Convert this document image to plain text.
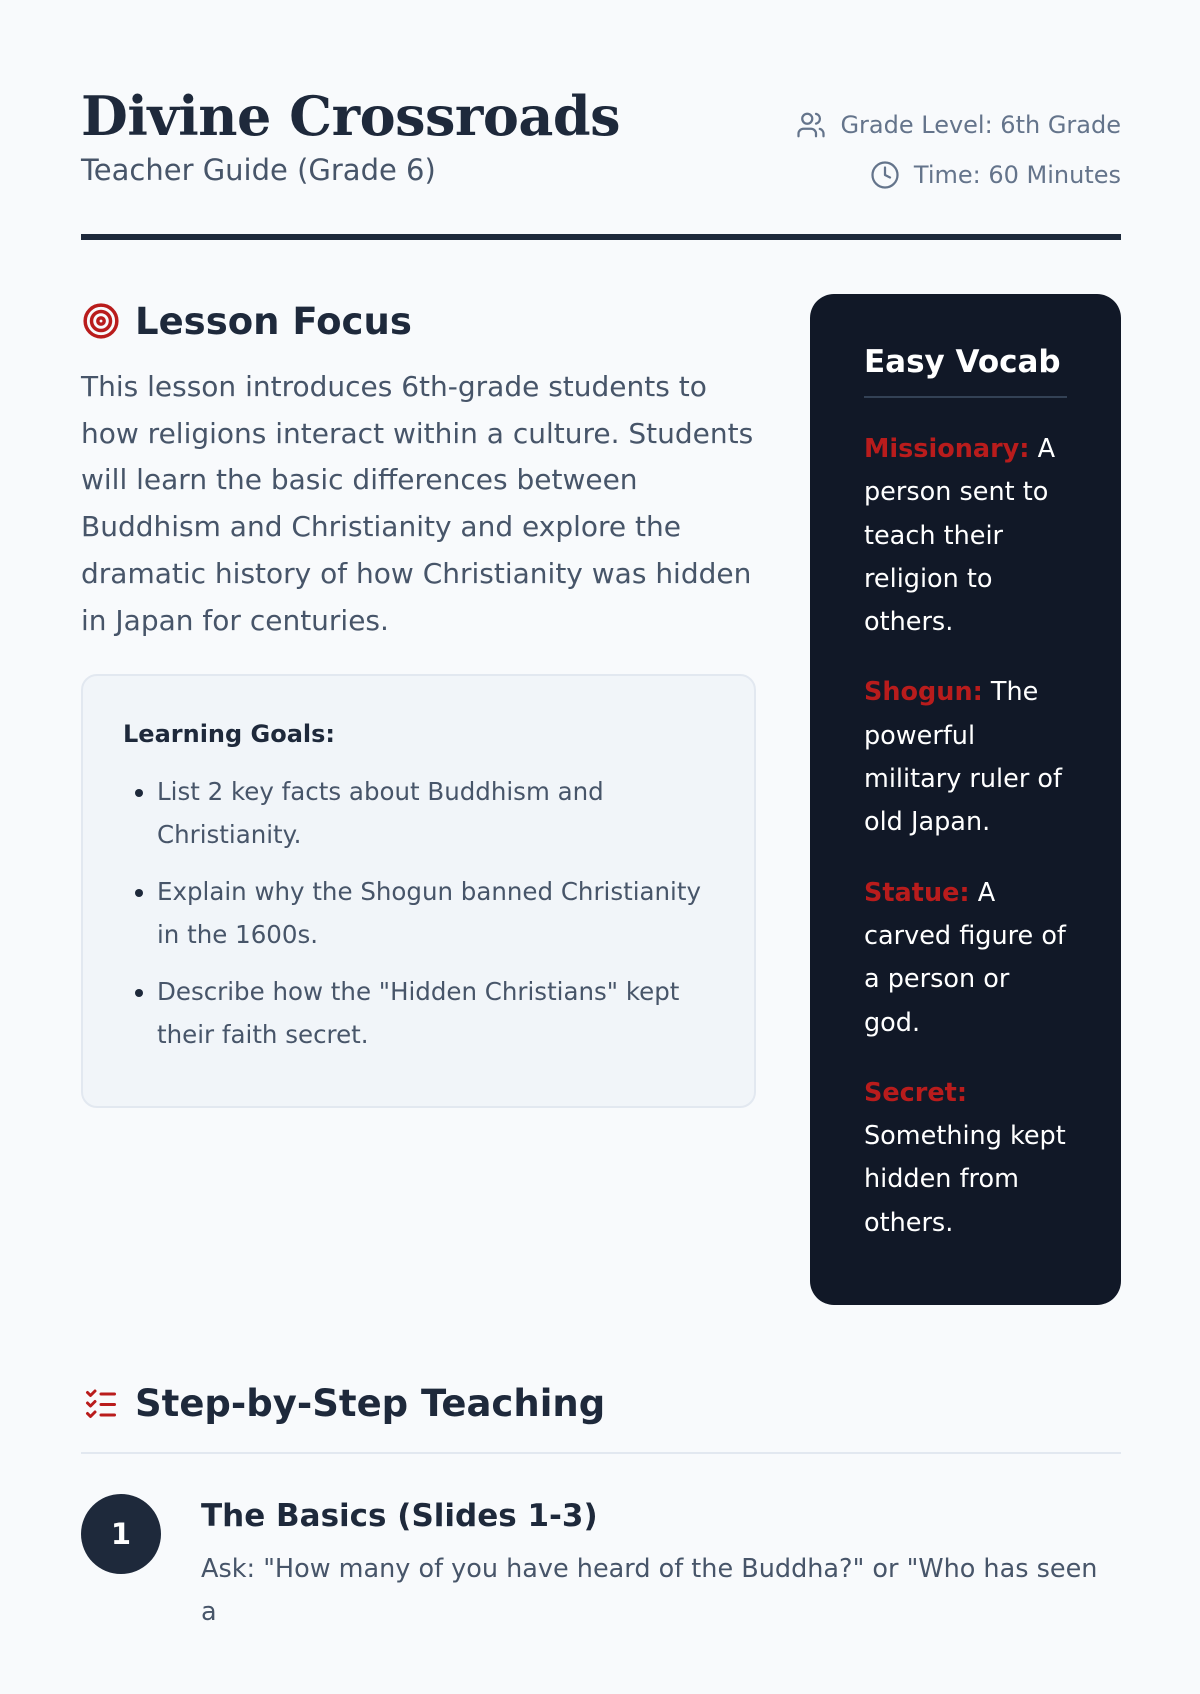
Divine Crossroads
Teacher Guide (Grade 6)
Grade Level: 6th Grade
Time: 60 Minutes
Lesson Focus

This lesson introduces 6th-grade students to how religions interact within a culture. Students will learn the basic differences between Buddhism and Christianity and explore the dramatic history of how Christianity was hidden in Japan for centuries.

Learning Goals:
• List 2 key facts about Buddhism and Christianity.
• Explain why the Shogun banned Christianity in the 1600s.
• Describe how the "Hidden Christians" kept their faith secret.
Easy Vocab
Missionary: A person sent to teach their religion to others.
Shogun: The powerful military ruler of old Japan.
Statue: A carved figure of a person or god.
Secret: Something kept hidden from others.
Step-by-Step Teaching
1	The Basics (Slides 1-3)
Ask: "How many of you have heard of the Buddha?" or "Who has seen a
